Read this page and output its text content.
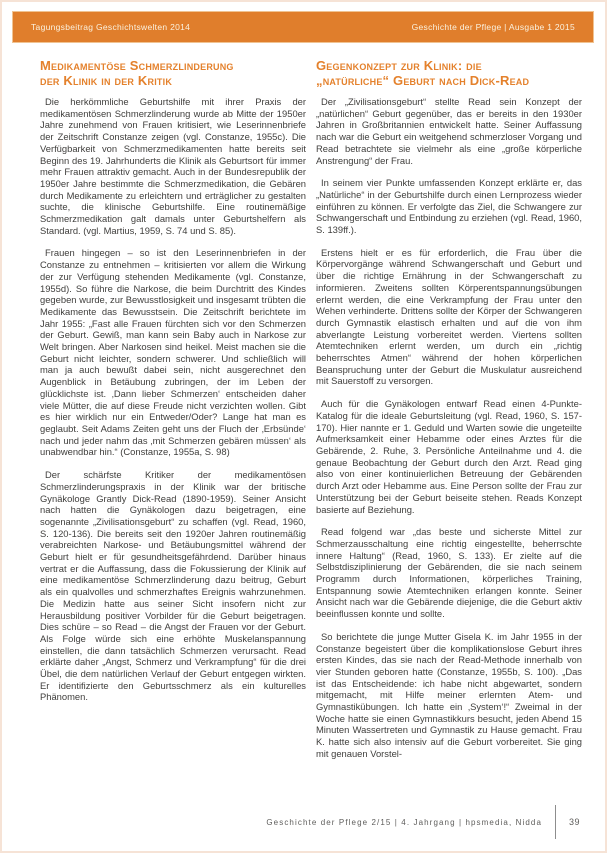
Tagungsbeitrag Geschichtswelten 2014	Geschichte der Pflege | Ausgabe 1 2015
Medikamentöse Schmerzlinderung
der Klinik in der Kritik

Die herkömmliche Geburtshilfe mit ihrer Praxis der medikamentösen Schmerzlinderung wurde ab Mitte der 1950er Jahre zunehmend von Frauen kritisiert, wie Leserinnenbriefe der Zeitschrift Constanze zeigen (vgl. Constanze, 1955c). Die Verfügbarkeit von Schmerzmedikamenten hatte bereits seit Beginn des 19. Jahrhunderts die Klinik als Geburtsort für immer mehr Frauen attraktiv gemacht. Auch in der Bundesrepublik der 1950er Jahre bestimmte die Schmerzmedikation, die Gebären durch Medikamente zu erleichtern und erträglicher zu gestalten suchte, die klinische Geburtshilfe. Eine routinemäßige Schmerzmedikation galt damals unter Geburtshelfern als Standard. (vgl. Martius, 1959, S. 74 und S. 85).

Frauen hingegen – so ist den Leserinnenbriefen in der Constanze zu entnehmen – kritisierten vor allem die Wirkung der zur Verfügung stehenden Medikamente (vgl. Constanze, 1955d). So führe die Narkose, die beim Durchtritt des Kindes gegeben wurde, zur Bewusstlosigkeit und insgesamt trübten die Medikamente das Bewusstsein. Die Zeitschrift berichtete im Jahr 1955: „Fast alle Frauen fürchten sich vor den Schmerzen der Geburt. Gewiß, man kann sein Baby auch in Narkose zur Welt bringen. Aber Narkosen sind heikel. Meist machen sie die Geburt nicht leichter, sondern schwerer. Und schließlich will man ja auch bewußt dabei sein, nicht ausgerechnet den Augenblick in Betäubung zubringen, der im Leben der glücklichste ist. ‚Dann lieber Schmerzen‘ entscheiden daher viele Mütter, die auf diese Freude nicht verzichten wollen. Gibt es hier wirklich nur ein Entweder/Oder? Lange hat man es geglaubt. Seit Adams Zeiten geht uns der Fluch der ‚Erbsünde‘ nach und jeder nahm das ‚mit Schmerzen gebären müssen‘ als unabwendbar hin.“ (Constanze, 1955a, S. 98)

Der schärfste Kritiker der medikamentösen Schmerzlinderungspraxis in der Klinik war der britische Gynäkologe Grantly Dick-Read (1890-1959). Seiner Ansicht nach hatten die Gynäkologen dazu beigetragen, eine sogenannte „Zivilisationsgeburt“ zu schaffen (vgl. Read, 1960, S. 120-136). Die bereits seit den 1920er Jahren routinemäßig verabreichten Narkose- und Betäubungsmittel während der Geburt hielt er für gesundheitsgefährdend. Darüber hinaus vertrat er die Auffassung, dass die Fokussierung der Klinik auf eine medikamentöse Schmerzlinderung dazu beitrug, Geburt als ein qualvolles und schmerzhaftes Ereignis wahrzunehmen. Die Medizin hatte aus seiner Sicht insofern nicht zur Herausbildung positiver Vorbilder für die Geburt beigetragen. Dies schüre – so Read – die Angst der Frauen vor der Geburt. Als Folge würde sich eine erhöhte Muskelanspannung einstellen, die dann tatsächlich Schmerzen verursacht. Read erklärte daher „Angst, Schmerz und Verkrampfung“ für die drei Übel, die dem natürlichen Verlauf der Geburt entgegen wirkten. Er identifizierte den Geburtsschmerz als ein kulturelles Phänomen.

Gegenkonzept zur Klinik: die
„natürliche“ Geburt nach Dick-Read

Der „Zivilisationsgeburt“ stellte Read sein Konzept der „natürlichen“ Geburt gegenüber, das er bereits in den 1930er Jahren in Großbritannien entwickelt hatte. Seiner Auffassung nach war die Geburt ein weitgehend schmerzloser Vorgang und Read betrachtete sie vielmehr als eine „große körperliche Anstrengung“ der Frau.

In seinem vier Punkte umfassenden Konzept erklärte er, das „Natürliche“ in der Geburtshilfe durch einen Lernprozess wieder einführen zu können. Er verfolgte das Ziel, die Schwangere zur Schwangerschaft und Entbindung zu erziehen (vgl. Read, 1960, S. 139ff.).

Erstens hielt er es für erforderlich, die Frau über die Körpervorgänge während Schwangerschaft und Geburt und über die richtige Ernährung in der Schwangerschaft zu informieren. Zweitens sollten Körperentspannungsübungen erlernt werden, die eine Verkrampfung der Frau unter den Wehen verhinderte. Drittens sollte der Körper der Schwangeren durch Gymnastik elastisch erhalten und auf die von ihm abverlangte Leistung vorbereitet werden. Viertens sollten Atemtechniken erlernt werden, um durch ein „richtig beherrschtes Atmen“ während der hohen körperlichen Beanspruchung unter der Geburt die Muskulatur ausreichend mit Sauerstoff zu versorgen.

Auch für die Gynäkologen entwarf Read einen 4-Punkte-Katalog für die ideale Geburtsleitung (vgl. Read, 1960, S. 157-170). Hier nannte er 1. Geduld und Warten sowie die ungeteilte Aufmerksamkeit einer Hebamme oder eines Arztes für die Gebärende, 2. Ruhe, 3. Persönliche Anteilnahme und 4. die genaue Beobachtung der Geburt durch den Arzt. Read ging also von einer kontinuierlichen Betreuung der Gebärenden durch Arzt oder Hebamme aus. Eine Person sollte der Frau zur Unterstützung bei der Geburt beiseite stehen. Reads Konzept basierte auf Beziehung.

Read folgend war „das beste und sicherste Mittel zur Schmerzausschaltung eine richtig eingestellte, beherrschte innere Haltung“ (Read, 1960, S. 133). Er zielte auf die Selbstdisziplinierung der Gebärenden, die sie nach seinem Programm durch Informationen, körperliches Training, Entspannung sowie Atemtechniken erlangen konnte. Seiner Ansicht nach war die Gebärende diejenige, die die Geburt aktiv beeinflussen konnte und sollte.

So berichtete die junge Mutter Gisela K. im Jahr 1955 in der Constanze begeistert über die komplikationslose Geburt ihres ersten Kindes, das sie nach der Read-Methode innerhalb von vier Stunden geboren hatte (Constanze, 1955b, S. 100). „Das ist das Entscheidende: ich habe nicht abgewartet, sondern mitgemacht, mit Hilfe meiner erlernten Atem- und Gymnastikübungen. Ich hatte ein ‚System‘!“ Zweimal in der Woche hatte sie einen Gymnastikkurs besucht, jeden Abend 15 Minuten Wassertreten und Gymnastik zu Hause gemacht. Frau K. hatte sich also intensiv auf die Geburt vorbereitet. Sie ging mit genauen Vorstel-

Geschichte der Pflege 2/15 | 4. Jahrgang | hpsmedia, Nidda	39
